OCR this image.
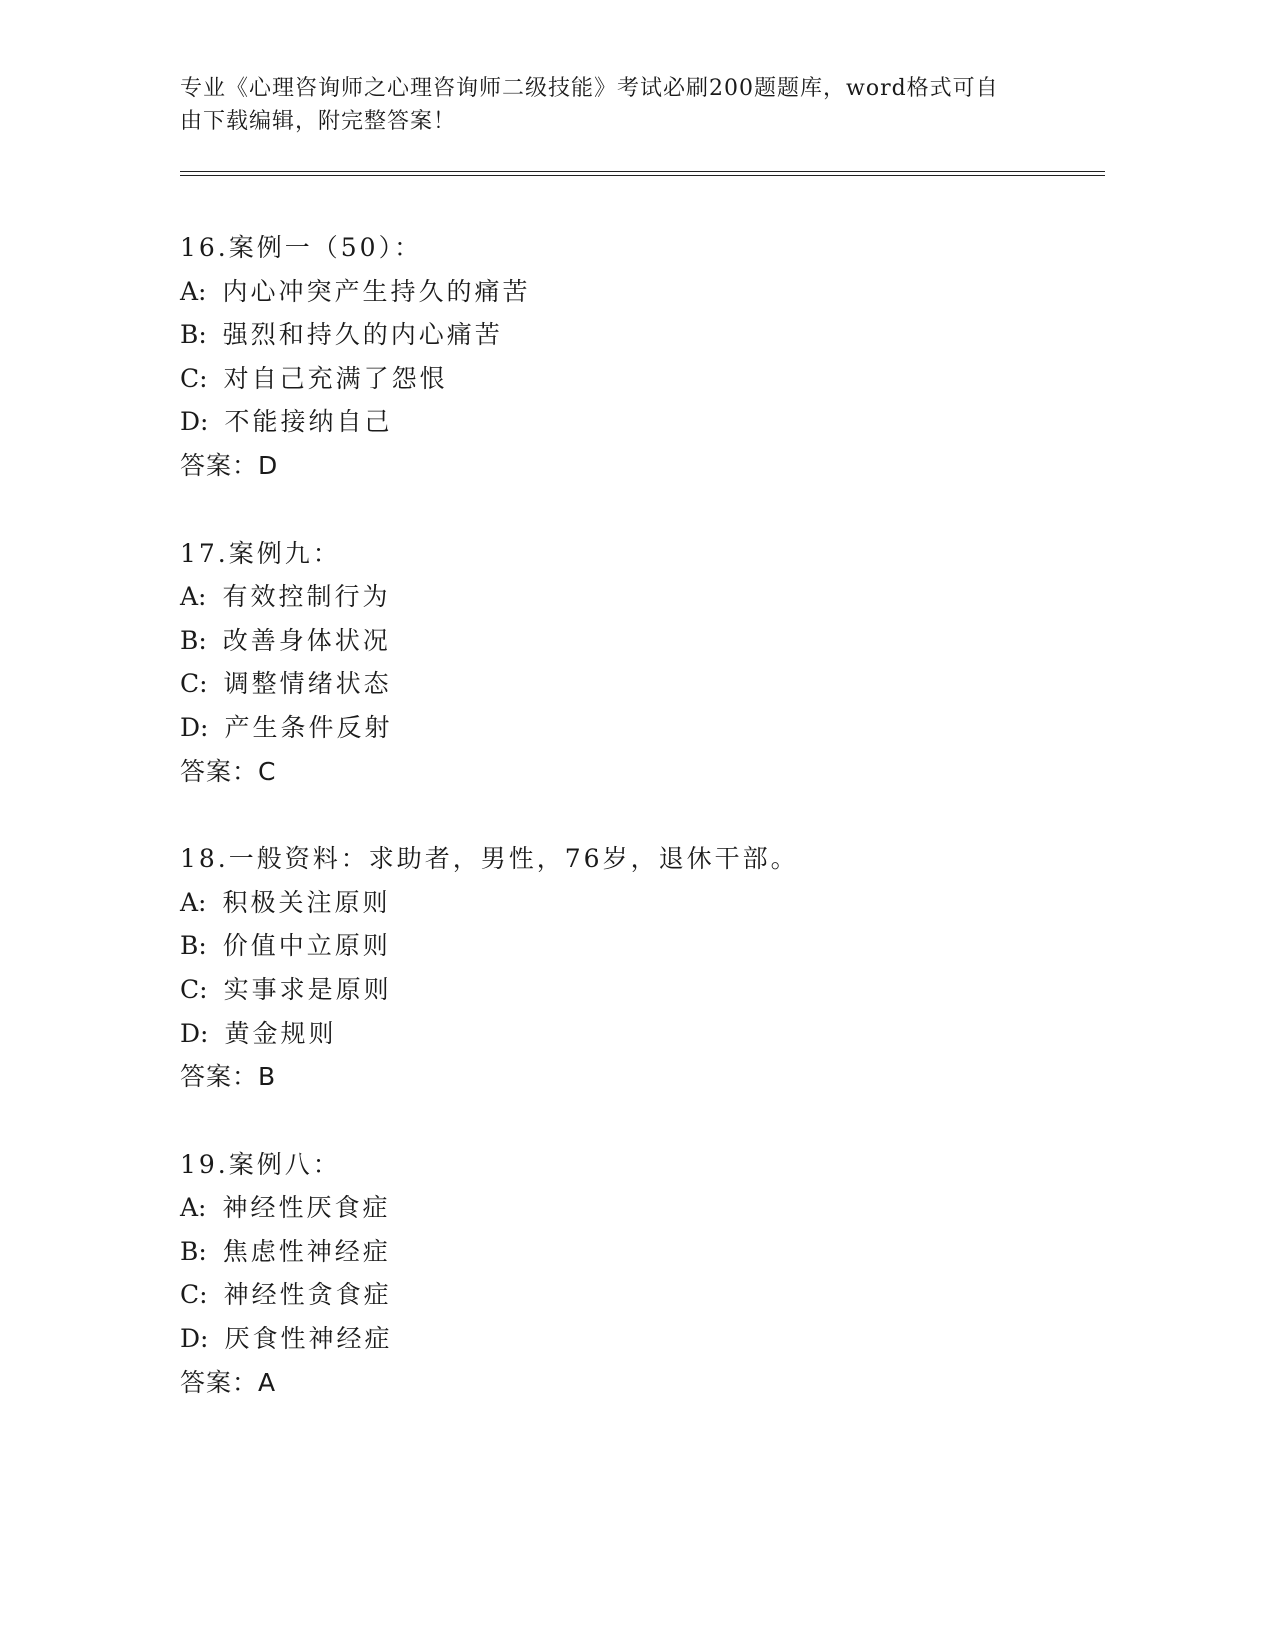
专业《心理咨询师之心理咨询师二级技能》考试必刷200题题库，word格式可自
由下载编辑，附完整答案！
16.案例一（50）：
A: 内心冲突产生持久的痛苦
B: 强烈和持久的内心痛苦
C: 对自己充满了怨恨
D: 不能接纳自己
答案：D
17.案例九：
A: 有效控制行为
B: 改善身体状况
C: 调整情绪状态
D: 产生条件反射
答案：C
18.一般资料：求助者，男性，76岁，退休干部。
A: 积极关注原则
B: 价值中立原则
C: 实事求是原则
D: 黄金规则
答案：B
19.案例八：
A: 神经性厌食症
B: 焦虑性神经症
C: 神经性贪食症
D: 厌食性神经症
答案：A
